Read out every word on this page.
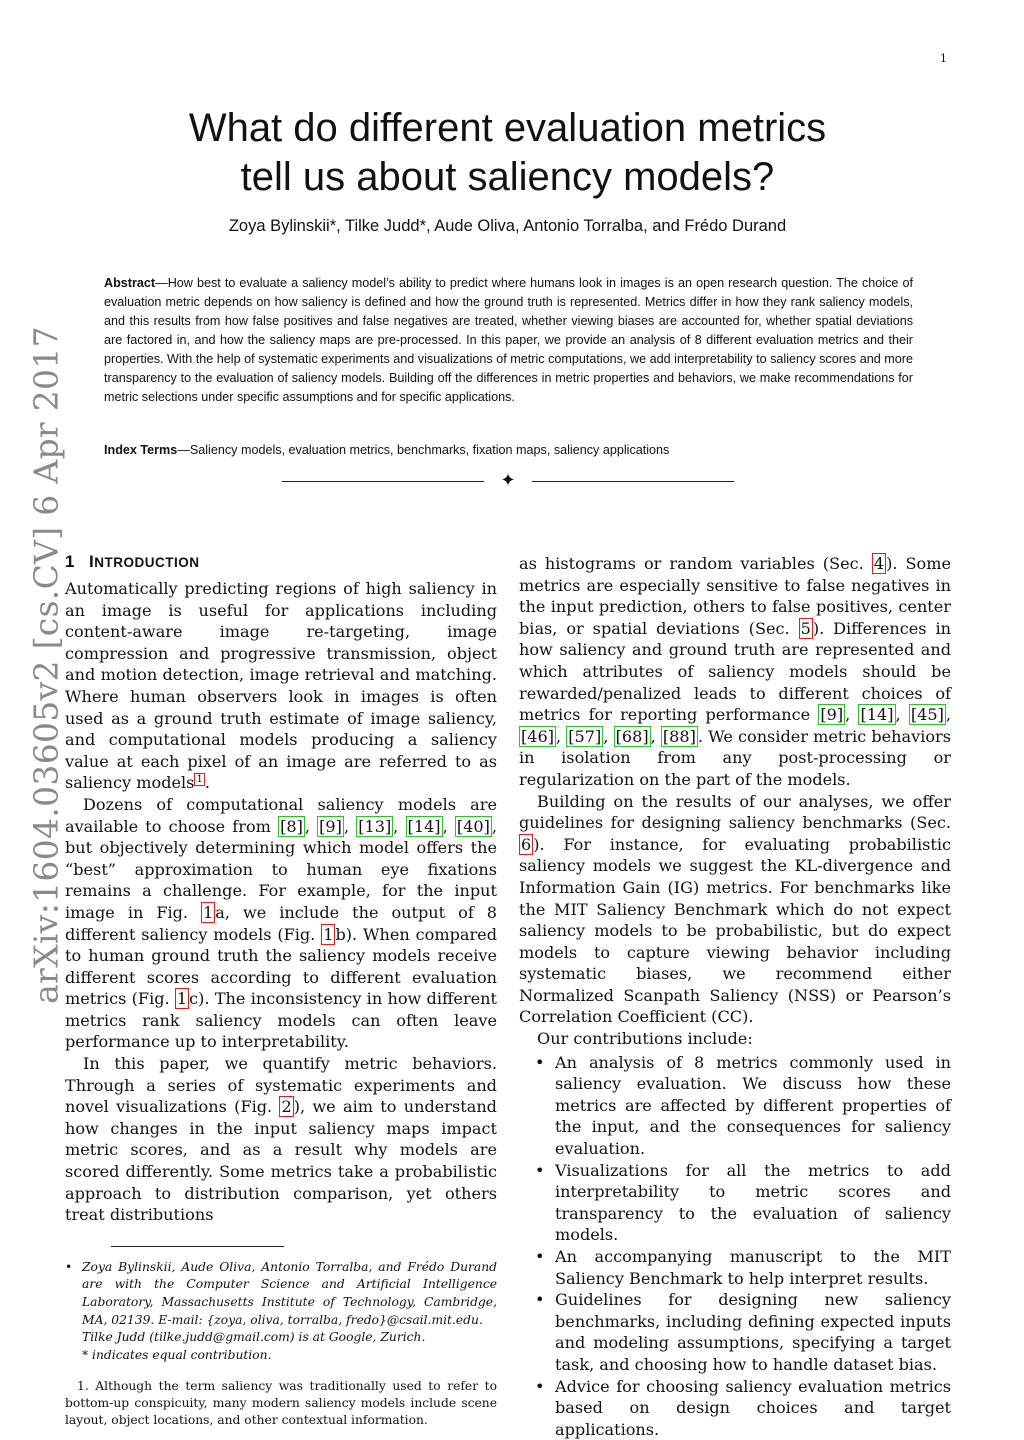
1
arXiv:1604.03605v2 [cs.CV] 6 Apr 2017
What do different evaluation metrics
tell us about saliency models?
Zoya Bylinskii*, Tilke Judd*, Aude Oliva, Antonio Torralba, and Frédo Durand

Abstract—How best to evaluate a saliency model’s ability to predict where humans look in images is an open research question. The choice of evaluation metric depends on how saliency is defined and how the ground truth is represented. Metrics differ in how they rank saliency models, and this results from how false positives and false negatives are treated, whether viewing biases are accounted for, whether spatial deviations are factored in, and how the saliency maps are pre-processed. In this paper, we provide an analysis of 8 different evaluation metrics and their properties. With the help of systematic experiments and visualizations of metric computations, we add interpretability to saliency scores and more transparency to the evaluation of saliency models. Building off the differences in metric properties and behaviors, we make recommendations for metric selections under specific assumptions and for specific applications.

Index Terms—Saliency models, evaluation metrics, benchmarks, fixation maps, saliency applications

✦
1 INTRODUCTION

Automatically predicting regions of high saliency in an image is useful for applications including content-aware image re-targeting, image compression and progressive transmission, object and motion detection, image retrieval and matching. Where human observers look in images is often used as a ground truth estimate of image saliency, and computational models producing a saliency value at each pixel of an image are referred to as saliency models $^1$ .

Dozens of computational saliency models are available to choose from [8] , [9] , [13] , [14] , [40] , but objectively determining which model offers the “best” approximation to human eye fixations remains a challenge. For example, for the input image in Fig. 1 a, we include the output of 8 different saliency models (Fig. 1 b). When compared to human ground truth the saliency models receive different scores according to different evaluation metrics (Fig. 1 c). The inconsistency in how different metrics rank saliency models can often leave performance up to interpretability.

In this paper, we quantify metric behaviors. Through a series of systematic experiments and novel visualizations (Fig. 2 ), we aim to understand how changes in the input saliency maps impact metric scores, and as a result why models are scored differently. Some metrics take a probabilistic approach to distribution comparison, yet others treat distributions

• Zoya Bylinskii, Aude Oliva, Antonio Torralba, and Frédo Durand are with the Computer Science and Artificial Intelligence Laboratory, Massachusetts Institute of Technology, Cambridge, MA, 02139. E-mail: {zoya, oliva, torralba, fredo}@csail.mit.edu.
Tilke Judd (tilke.judd@gmail.com) is at Google, Zurich.
* indicates equal contribution.

1. Although the term saliency was traditionally used to refer to bottom-up conspicuity, many modern saliency models include scene layout, object locations, and other contextual information.

as histograms or random variables (Sec. 4 ). Some metrics are especially sensitive to false negatives in the input prediction, others to false positives, center bias, or spatial deviations (Sec. 5 ). Differences in how saliency and ground truth are represented and which attributes of saliency models should be rewarded/penalized leads to different choices of metrics for reporting performance [9] , [14] , [45] , [46] , [57] , [68] , [88] . We consider metric behaviors in isolation from any post-processing or regularization on the part of the models.

Building on the results of our analyses, we offer guidelines for designing saliency benchmarks (Sec. 6 ). For instance, for evaluating probabilistic saliency models we suggest the KL-divergence and Information Gain (IG) metrics. For benchmarks like the MIT Saliency Benchmark which do not expect saliency models to be probabilistic, but do expect models to capture viewing behavior including systematic biases, we recommend either Normalized Scanpath Saliency (NSS) or Pearson’s Correlation Coefficient (CC).

Our contributions include:

• An analysis of 8 metrics commonly used in saliency evaluation. We discuss how these metrics are affected by different properties of the input, and the consequences for saliency evaluation.
• Visualizations for all the metrics to add interpretability to metric scores and transparency to the evaluation of saliency models.
• An accompanying manuscript to the MIT Saliency Benchmark to help interpret results.
• Guidelines for designing new saliency benchmarks, including defining expected inputs and modeling assumptions, specifying a target task, and choosing how to handle dataset bias.
• Advice for choosing saliency evaluation metrics based on design choices and target applications.
